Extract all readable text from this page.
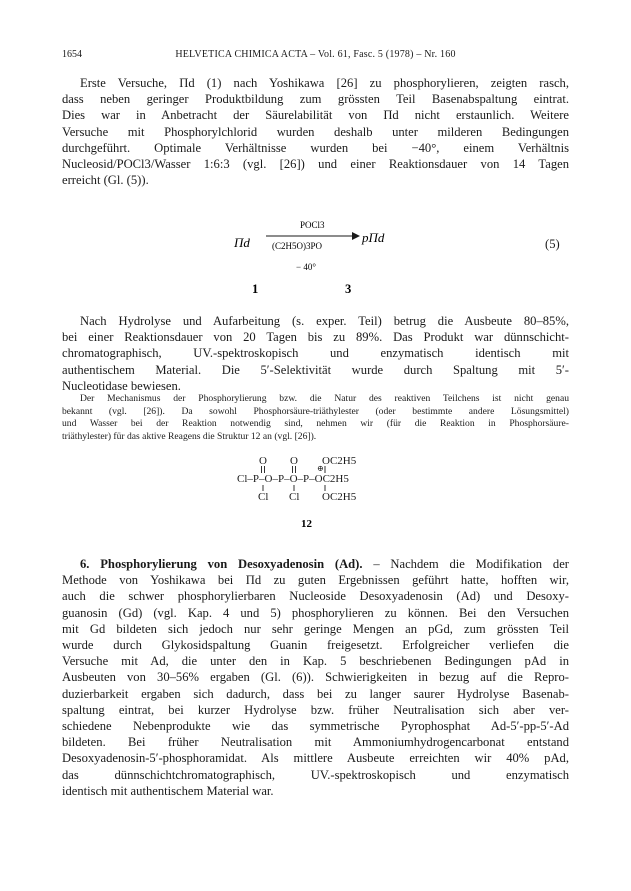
1654	HELVETICA CHIMICA ACTA – Vol. 61, Fasc. 5 (1978) – Nr. 160
Erste Versuche, Πd (1) nach Yoshikawa [26] zu phosphorylieren, zeigten rasch,
dass neben geringer Produktbildung zum grössten Teil Basenabspaltung eintrat.
Dies war in Anbetracht der Säurelabilität von Πd nicht erstaunlich. Weitere
Versuche mit Phosphorylchlorid wurden deshalb unter milderen Bedingungen
durchgeführt. Optimale Verhältnisse wurden bei −40°, einem Verhältnis
Nucleosid/POCl3/Wasser 1:6:3 (vgl. [26]) und einer Reaktionsdauer von 14 Tagen
erreicht (Gl. (5)).
Πd
POCl3
(C2H5O)3PO
− 40°
pΠd
1	3
(5)
Nach Hydrolyse und Aufarbeitung (s. exper. Teil) betrug die Ausbeute 80–85%,
bei einer Reaktionsdauer von 20 Tagen bis zu 89%. Das Produkt war dünnschicht-
chromatographisch, UV.-spektroskopisch und enzymatisch identisch mit
authentischem Material. Die 5′-Selektivität wurde durch Spaltung mit 5′-
Nucleotidase bewiesen.
Der Mechanismus der Phosphorylierung bzw. die Natur des reaktiven Teilchens ist nicht genau
bekannt (vgl. [26]). Da sowohl Phosphorsäure-triäthylester (oder bestimmte andere Lösungsmittel)
und Wasser bei der Reaktion notwendig sind, nehmen wir (für die Reaktion in Phosphorsäure-
triäthylester) für das aktive Reagens die Struktur 12 an (vgl. [26]).
O O OC2H5
⊕
Cl–P–O–P–O–P–OC2H5
Cl Cl OC2H5
12
6. Phosphorylierung von Desoxyadenosin (Ad). – Nachdem die Modifikation der
Methode von Yoshikawa bei Πd zu guten Ergebnissen geführt hatte, hofften wir,
auch die schwer phosphorylierbaren Nucleoside Desoxyadenosin (Ad) und Desoxy-
guanosin (Gd) (vgl. Kap. 4 und 5) phosphorylieren zu können. Bei den Versuchen
mit Gd bildeten sich jedoch nur sehr geringe Mengen an pGd, zum grössten Teil
wurde durch Glykosidspaltung Guanin freigesetzt. Erfolgreicher verliefen die
Versuche mit Ad, die unter den in Kap. 5 beschriebenen Bedingungen pAd in
Ausbeuten von 30–56% ergaben (Gl. (6)). Schwierigkeiten in bezug auf die Repro-
duzierbarkeit ergaben sich dadurch, dass bei zu langer saurer Hydrolyse Basenab-
spaltung eintrat, bei kurzer Hydrolyse bzw. früher Neutralisation sich aber ver-
schiedene Nebenprodukte wie das symmetrische Pyrophosphat Ad-5′-pp-5′-Ad
bildeten. Bei früher Neutralisation mit Ammoniumhydrogencarbonat entstand
Desoxyadenosin-5′-phosphoramidat. Als mittlere Ausbeute erreichten wir 40% pAd,
das dünnschichtchromatographisch, UV.-spektroskopisch und enzymatisch
identisch mit authentischem Material war.
